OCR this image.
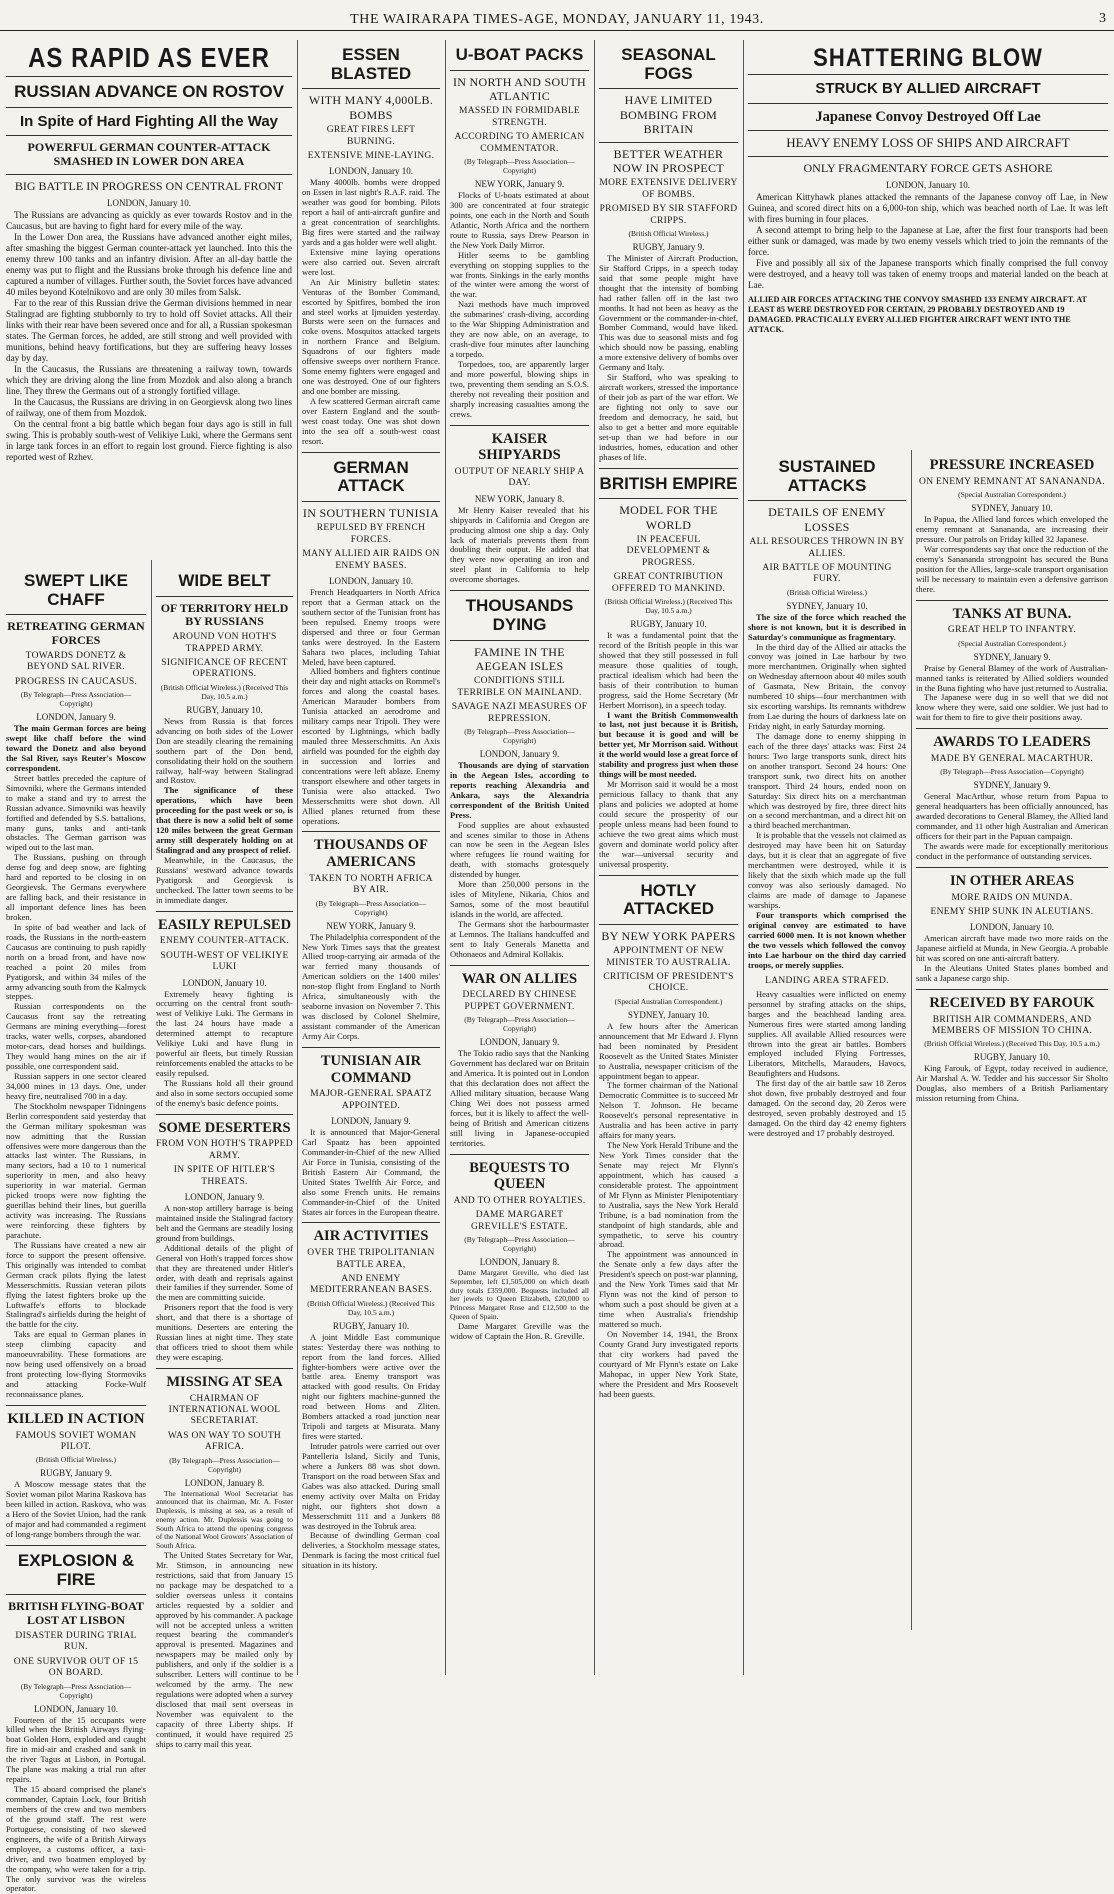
THE WAIRARAPA TIMES-AGE, MONDAY, JANUARY 11, 1943.	3
AS RAPID AS EVER
RUSSIAN ADVANCE ON ROSTOV
In Spite of Hard Fighting All the Way
POWERFUL GERMAN COUNTER-ATTACK SMASHED IN LOWER DON AREA
BIG BATTLE IN PROGRESS ON CENTRAL FRONT
LONDON, January 10.

The Russians are advancing as quickly as ever towards Rostov and in the Caucasus, but are having to fight hard for every mile of the way.

In the Lower Don area, the Russians have advanced another eight miles, after smashing the biggest German counter-attack yet launched. Into this the enemy threw 100 tanks and an infantry division. After an all-day battle the enemy was put to flight and the Russians broke through his defence line and captured a number of villages. Further south, the Soviet forces have advanced 40 miles beyond Kotelnikovo and are only 30 miles from Salsk.

Far to the rear of this Russian drive the German divisions hemmed in near Stalingrad are fighting stubbornly to try to hold off Soviet attacks. All their links with their rear have been severed once and for all, a Russian spokesman states. The German forces, he added, are still strong and well provided with munitions, behind heavy fortifications, but they are suffering heavy losses day by day.

In the Caucasus, the Russians are threatening a railway town, towards which they are driving along the line from Mozdok and also along a branch line. They threw the Germans out of a strongly fortified village.

In the Caucasus, the Russians are driving in on Georgievsk along two lines of railway, one of them from Mozdok.

On the central front a big battle which began four days ago is still in full swing. This is probably south-west of Velikiye Luki, where the Germans sent in large tank forces in an effort to regain lost ground. Fierce fighting is also reported west of Rzhev.

SWEPT LIKE CHAFF
RETREATING GERMAN FORCES
TOWARDS DONETZ & BEYOND SAL RIVER.
PROGRESS IN CAUCASUS.
(By Telegraph—Press Association—Copyright)
LONDON, January 9.

The main German forces are being swept like chaff before the wind toward the Donetz and also beyond the Sal River, says Reuter's Moscow correspondent.

Street battles preceded the capture of Simovniki, where the Germans intended to make a stand and try to arrest the Russian advance. Simovniki was heavily fortified and defended by S.S. battalions, many guns, tanks and anti-tank obstacles. The German garrison was wiped out to the last man.

The Russians, pushing on through dense fog and deep snow, are fighting hard and reported to be closing in on Georgievsk. The Germans everywhere are falling back, and their resistance in all important defence lines has been broken.

In spite of bad weather and lack of roads, the Russians in the north-eastern Caucasus are continuing to push rapidly north on a broad front, and have now reached a point 20 miles from Pyatigorsk, and within 34 miles of the army advancing south from the Kalmyck steppes.

Russian correspondents on the Caucasus front say the retreating Germans are mining everything—forest tracks, water wells, corpses, abandoned motor-cars, dead horses and buildings. They would hang mines on the air if possible, one correspondent said.

Russian sappers in one sector cleared 34,000 mines in 13 days. One, under heavy fire, neutralised 700 in a day.

The Stockholm newspaper Tidningens Berlin correspondent said yesterday that the German military spokesman was now admitting that the Russian offensives were more dangerous than the attacks last winter. The Russians, in many sectors, had a 10 to 1 numerical superiority in men, and also heavy superiority in war material. German picked troops were now fighting the guerillas behind their lines, but guerilla activity was increasing. The Russians were reinforcing these fighters by parachute.

The Russians have created a new air force to support the present offensive. This originally was intended to combat German crack pilots flying the latest Messerschmitts. Russian veteran pilots flying the latest fighters broke up the Luftwaffe's efforts to blockade Stalingrad's airfields during the height of the battle for the city.

Taks are equal to German planes in steep climbing capacity and manoeuvrability. These formations are now being used offensively on a broad front protecting low-flying Stormoviks and attacking Focke-Wulf reconnaissance planes.

KILLED IN ACTION
FAMOUS SOVIET WOMAN PILOT.
(British Official Wireless.)
RUGBY, January 9.

A Moscow message states that the Soviet woman pilot Marina Raskova has been killed in action. Raskova, who was a Hero of the Soviet Union, had the rank of major and had commanded a regiment of long-range bombers through the war.

EXPLOSION & FIRE
BRITISH FLYING-BOAT LOST AT LISBON
DISASTER DURING TRIAL RUN.
ONE SURVIVOR OUT OF 15 ON BOARD.
(By Telegraph—Press Association—Copyright)
LONDON, January 10.

Fourteen of the 15 occupants were killed when the British Airways flying-boat Golden Horn, exploded and caught fire in mid-air and crashed and sank in the river Tagus at Lisbon, in Portugal. The plane was making a trial run after repairs.

The 15 aboard comprised the plane's commander, Captain Lock, four British members of the crew and two members of the ground staff. The rest were Portuguese, consisting of two skewed engineers, the wife of a British Airways employee, a customs officer, a taxi-driver, and two boatmen employed by the company, who were taken for a trip. The only survivor was the wireless operator.

WIDE BELT
OF TERRITORY HELD BY RUSSIANS
AROUND VON HOTH'S TRAPPED ARMY.
SIGNIFICANCE OF RECENT OPERATIONS.
(British Official Wireless.) (Received This Day, 10.5 a.m.)
RUGBY, January 10.

News from Russia is that forces advancing on both sides of the Lower Don are steadily clearing the remaining southern part of the Don bend, consolidating their hold on the southern railway, half-way between Stalingrad and Rostov.

The significance of these operations, which have been proceeding for the past week or so, is that there is now a solid belt of some 120 miles between the great German army still desperately holding on at Stalingrad and any prospect of relief.

Meanwhile, in the Caucasus, the Russians' westward advance towards Pyatigorsk and Georgievsk is unchecked. The latter town seems to be in immediate danger.

EASILY REPULSED
ENEMY COUNTER-ATTACK.
SOUTH-WEST OF VELIKIYE LUKI
LONDON, January 10.

Extremely heavy fighting is occurring on the central front south-west of Velikiye Luki. The Germans in the last 24 hours have made a determined attempt to recapture Velikiye Luki and have flung in powerful air fleets, but timely Russian reinforcements enabled the attacks to be easily repulsed.

The Russians hold all their ground and also in some sectors occupied some of the enemy's basic defence points.

SOME DESERTERS
FROM VON HOTH'S TRAPPED ARMY.
IN SPITE OF HITLER'S THREATS.
LONDON, January 9.

A non-stop artillery barrage is being maintained inside the Stalingrad factory belt and the Germans are steadily losing ground from buildings.

Additional details of the plight of General von Hoth's trapped forces show that they are threatened under Hitler's order, with death and reprisals against their families if they surrender. Some of the men are committing suicide.

Prisoners report that the food is very short, and that there is a shortage of munitions. Deserters are entering the Russian lines at night time. They state that officers tried to shoot them while they were escaping.

MISSING AT SEA
CHAIRMAN OF INTERNATIONAL WOOL SECRETARIAT.
WAS ON WAY TO SOUTH AFRICA.
(By Telegraph—Press Association—Copyright)
LONDON, January 8.

The International Wool Secretariat has announced that its chairman, Mr. A. Foster Duplessis, is missing at sea, as a result of enemy action. Mr. Duplessis was going to South Africa to attend the opening congress of the National Wool Growers' Association of South Africa.

The United States Secretary for War, Mr. Stimson, in announcing new restrictions, said that from January 15 no package may be despatched to a soldier overseas unless it contains articles requested by a soldier and approved by his commander. A package will not be accepted unless a written request bearing the commander's approval is presented. Magazines and newspapers may be mailed only by publishers, and only if the soldier is a subscriber. Letters will continue to be welcomed by the army. The new regulations were adopted when a survey disclosed that mail sent overseas in November was equivalent to the capacity of three Liberty ships. If continued, it would have required 25 ships to carry mail this year.

ESSEN BLASTED
WITH MANY 4,000LB. BOMBS
GREAT FIRES LEFT BURNING.
EXTENSIVE MINE-LAYING.
LONDON, January 10.

Many 4000lb. bombs were dropped on Essen in last night's R.A.F. raid. The weather was good for bombing. Pilots report a hail of anti-aircraft gunfire and a great concentration of searchlights. Big fires were started and the railway yards and a gas holder were well alight.

Extensive mine laying operations were also carried out. Seven aircraft were lost.

An Air Ministry bulletin states: Venturas of the Bomber Command, escorted by Spitfires, bombed the iron and steel works at Ijmuiden yesterday. Bursts were seen on the furnaces and coke ovens. Mosquitos attacked targets in northern France and Belgium. Squadrons of our fighters made offensive sweeps over northern France. Some enemy fighters were engaged and one was destroyed. One of our fighters and one bomber are missing.

A few scattered German aircraft came over Eastern England and the south-west coast today. One was shot down into the sea off a south-west coast resort.

GERMAN ATTACK
IN SOUTHERN TUNISIA
REPULSED BY FRENCH FORCES.
MANY ALLIED AIR RAIDS ON ENEMY BASES.
LONDON, January 10.

French Headquarters in North Africa report that a German attack on the southern sector of the Tunisian front has been repulsed. Enemy troops were dispersed and three or four German tanks were destroyed. In the Eastern Sahara two places, including Tahiat Meled, have been captured.

Allied bombers and fighters continue their day and night attacks on Rommel's forces and along the coastal bases. American Marauder bombers from Tunisia attacked an aerodrome and military camps near Tripoli. They were escorted by Lightnings, which badly mauled three Messerschmitts. An Axis airfield was pounded for the eighth day in succession and lorries and concentrations were left ablaze. Enemy transport elsewhere and other targets in Tunisia were also attacked. Two Messerschmitts were shot down. All Allied planes returned from these operations.

THOUSANDS OF AMERICANS
TAKEN TO NORTH AFRICA BY AIR.
(By Telegraph—Press Association—Copyright)
NEW YORK, January 9.

The Philadelphia correspondent of the New York Times says that the greatest Allied troop-carrying air armada of the war ferried many thousands of American soldiers on the 1400 miles' non-stop flight from England to North Africa, simultaneously with the seaborne invasion on November 7. This was disclosed by Colonel Shelmire, assistant commander of the American Army Air Corps.

TUNISIAN AIR COMMAND
MAJOR-GENERAL SPAATZ APPOINTED.
LONDON, January 9.

It is announced that Major-General Carl Spaatz has been appointed Commander-in-Chief of the new Allied Air Force in Tunisia, consisting of the British Eastern Air Command, the United States Twelfth Air Force, and also some French units. He remains Commander-in-Chief of the United States air forces in the European theatre.

AIR ACTIVITIES
OVER THE TRIPOLITANIAN BATTLE AREA,
AND ENEMY MEDITERRANEAN BASES.
(British Official Wireless.) (Received This Day, 10.5 a.m.)
RUGBY, January 10.

A joint Middle East communique states: Yesterday there was nothing to report from the land forces. Allied fighter-bombers were active over the battle area. Enemy transport was attacked with good results. On Friday night our fighters machine-gunned the road between Homs and Zliten. Bombers attacked a road junction near Tripoli and targets at Misurata. Many fires were started.

Intruder patrols were carried out over Pantelleria Island, Sicily and Tunis, where a Junkers 88 was shot down. Transport on the road between Sfax and Gabes was also attacked. During small enemy activity over Malta on Friday night, our fighters shot down a Messerschmitt 111 and a Junkers 88 was destroyed in the Tobruk area.

Because of dwindling German coal deliveries, a Stockholm message states, Denmark is facing the most critical fuel situation in its history.

U-BOAT PACKS
IN NORTH AND SOUTH ATLANTIC
MASSED IN FORMIDABLE STRENGTH.
ACCORDING TO AMERICAN COMMENTATOR.
(By Telegraph—Press Association—Copyright)
NEW YORK, January 9.

Flocks of U-boats estimated at about 300 are concentrated at four strategic points, one each in the North and South Atlantic, North Africa and the northern route to Russia, says Drew Pearson in the New York Daily Mirror.

Hitler seems to be gambling everything on stopping supplies to the war fronts. Sinkings in the early months of the winter were among the worst of the war.

Nazi methods have much improved the submarines' crash-diving, according to the War Shipping Administration and they are now able, on an average, to crash-dive four minutes after launching a torpedo.

Torpedoes, too, are apparently larger and more powerful, blowing ships in two, preventing them sending an S.O.S. thereby not revealing their position and sharply increasing casualties among the crews.

KAISER SHIPYARDS
OUTPUT OF NEARLY SHIP A DAY.
NEW YORK, January 8.

Mr Henry Kaiser revealed that his shipyards in California and Oregon are producing almost one ship a day. Only lack of materials prevents them from doubling their output. He added that they were now operating an iron and steel plant in California to help overcome shortages.

THOUSANDS DYING
FAMINE IN THE AEGEAN ISLES
CONDITIONS STILL TERRIBLE ON MAINLAND.
SAVAGE NAZI MEASURES OF REPRESSION.
(By Telegraph—Press Association—Copyright)
LONDON, January 9.

Thousands are dying of starvation in the Aegean Isles, according to reports reaching Alexandria and Ankara, says the Alexandria correspondent of the British United Press.

Food supplies are about exhausted and scenes similar to those in Athens can now be seen in the Aegean Isles where refugees lie round waiting for death, with stomachs grotesquely distended by hunger.

More than 250,000 persons in the isles of Mitylene, Nikaria, Chios and Samos, some of the most beautiful islands in the world, are affected.

The Germans shot the harbourmaster at Lemnos. The Italians handcuffed and sent to Italy Generals Manetta and Othonaeos and Admiral Kollakis.

WAR ON ALLIES
DECLARED BY CHINESE PUPPET GOVERNMENT.
(By Telegraph—Press Association—Copyright)
LONDON, January 9.

The Tokio radio says that the Nanking Government has declared war on Britain and America. It is pointed out in London that this declaration does not affect the Allied military situation, because Wang Ching Wei does not possess armed forces, but it is likely to affect the well-being of British and American citizens still living in Japanese-occupied territories.

BEQUESTS TO QUEEN
AND TO OTHER ROYALTIES.
DAME MARGARET GREVILLE'S ESTATE.
(By Telegraph—Press Association—Copyright)
LONDON, January 8.

Dame Margaret Greville, who died last September, left £1,505,000 on which death duty totals £359,000. Bequests included all her jewels to Queen Elizabeth, £20,000 to Princess Margaret Rose and £12,500 to the Queen of Spain.

Dame Margaret Greville was the widow of Captain the Hon. R. Greville.

SEASONAL FOGS
HAVE LIMITED BOMBING FROM BRITAIN
BETTER WEATHER NOW IN PROSPECT
MORE EXTENSIVE DELIVERY OF BOMBS.
PROMISED BY SIR STAFFORD CRIPPS.
(British Official Wireless.)
RUGBY, January 9.

The Minister of Aircraft Production, Sir Stafford Cripps, in a speech today said that some people might have thought that the intensity of bombing had rather fallen off in the last two months. It had not been as heavy as the Government or the commander-in-chief, Bomber Command, would have liked. This was due to seasonal mists and fog which should now be passing, enabling a more extensive delivery of bombs over Germany and Italy.

Sir Stafford, who was speaking to aircraft workers, stressed the importance of their job as part of the war effort. We are fighting not only to save our freedom and democracy, he said, but also to get a better and more equitable set-up than we had before in our industries, homes, education and other phases of life.

BRITISH EMPIRE
MODEL FOR THE WORLD
IN PEACEFUL DEVELOPMENT & PROGRESS.
GREAT CONTRIBUTION OFFERED TO MANKIND.
(British Official Wireless.) (Received This Day, 10.5 a.m.)
RUGBY, January 10.

It was a fundamental point that the record of the British people in this war showed that they still possessed in full measure those qualities of tough, practical idealism which had been the basis of their contribution to human progress, said the Home Secretary (Mr Herbert Morrison), in a speech today.

I want the British Commonwealth to last, not just because it is British, but because it is good and will be better yet, Mr Morrison said. Without it the world would lose a great force of stability and progress just when those things will be most needed.

Mr Morrison said it would be a most pernicious fallacy to thank that any plans and policies we adopted at home could secure the prosperity of our people unless means had been found to achieve the two great aims which must govern and dominate world policy after the war—universal security and universal prosperity.

HOTLY ATTACKED
BY NEW YORK PAPERS
APPOINTMENT OF NEW MINISTER TO AUSTRALIA.
CRITICISM OF PRESIDENT'S CHOICE.
(Special Australian Correspondent.)
SYDNEY, January 10.

A few hours after the American announcement that Mr Edward J. Flynn had been nominated by President Roosevelt as the United States Minister to Australia, newspaper criticism of the appointment began to appear.

The former chairman of the National Democratic Committee is to succeed Mr Nelson T. Johnson. He became Roosevelt's personal representative in Australia and has been active in party affairs for many years.

The New York Herald Tribune and the New York Times consider that the Senate may reject Mr Flynn's appointment, which has caused a considerable protest. The appointment of Mr Flynn as Minister Plenipotentiary to Australia, says the New York Herald Tribune, is a bad nomination from the standpoint of high standards, able and sympathetic, to serve his country abroad.

The appointment was announced in the Senate only a few days after the President's speech on post-war planning, and the New York Times said that Mr Flynn was not the kind of person to whom such a post should be given at a time when Australia's friendship mattered so much.

On November 14, 1941, the Bronx County Grand Jury investigated reports that city workers had paved the courtyard of Mr Flynn's estate on Lake Mahopac, in upper New York State, where the President and Mrs Roosevelt had been guests.

SHATTERING BLOW
STRUCK BY ALLIED AIRCRAFT
Japanese Convoy Destroyed Off Lae
HEAVY ENEMY LOSS OF SHIPS AND AIRCRAFT
ONLY FRAGMENTARY FORCE GETS ASHORE
LONDON, January 10.

American Kittyhawk planes attacked the remnants of the Japanese convoy off Lae, in New Guinea, and scored direct hits on a 6,000-ton ship, which was beached north of Lae. It was left with fires burning in four places.

A second attempt to bring help to the Japanese at Lae, after the first four transports had been either sunk or damaged, was made by two enemy vessels which tried to join the remnants of the force.

Five and possibly all six of the Japanese transports which finally comprised the full convoy were destroyed, and a heavy toll was taken of enemy troops and material landed on the beach at Lae.

ALLIED AIR FORCES ATTACKING THE CONVOY SMASHED 133 ENEMY AIRCRAFT. AT LEAST 85 WERE DESTROYED FOR CERTAIN, 29 PROBABLY DESTROYED AND 19 DAMAGED. PRACTICALLY EVERY ALLIED FIGHTER AIRCRAFT WENT INTO THE ATTACK.

SUSTAINED ATTACKS
DETAILS OF ENEMY LOSSES
ALL RESOURCES THROWN IN BY ALLIES.
AIR BATTLE OF MOUNTING FURY.
(British Official Wireless.)
SYDNEY, January 10.

The size of the force which reached the shore is not known, but it is described in Saturday's communique as fragmentary.

In the third day of the Allied air attacks the convoy was joined in Lae harbour by two more merchantmen. Originally when sighted on Wednesday afternoon about 40 miles south of Gasmata, New Britain, the convoy numbered 10 ships—four merchantmen with six escorting warships. Its remnants withdrew from Lae during the hours of darkness late on Friday night, in early Saturday morning.

The damage done to enemy shipping in each of the three days' attacks was: First 24 hours: Two large transports sunk, direct hits on another transport. Second 24 hours: One transport sunk, two direct hits on another transport. Third 24 hours, ended noon on Saturday: Six direct hits on a merchantman which was destroyed by fire, three direct hits on a second merchantman, and a direct hit on a third beached merchantman.

It is probable that the vessels not claimed as destroyed may have been hit on Saturday days, but it is clear that an aggregate of five merchantmen were destroyed, while it is likely that the sixth which made up the full convoy was also seriously damaged. No claims are made of damage to Japanese warships.

Four transports which comprised the original convoy are estimated to have carried 6000 men. It is not known whether the two vessels which followed the convoy into Lae harbour on the third day carried troops, or merely supplies.

LANDING AREA STRAFED.

Heavy casualties were inflicted on enemy personnel by strafing attacks on the ships, barges and the beachhead landing area. Numerous fires were started among landing supplies. All available Allied resources were thrown into the great air battles. Bombers employed included Flying Fortresses, Liberators, Mitchells, Marauders, Havocs, Beaufighters and Hudsons.

The first day of the air battle saw 18 Zeros shot down, five probably destroyed and four damaged. On the second day, 20 Zeros were destroyed, seven probably destroyed and 15 damaged. On the third day 42 enemy fighters were destroyed and 17 probably destroyed.

PRESSURE INCREASED
ON ENEMY REMNANT AT SANANANDA.
(Special Australian Correspondent.)
SYDNEY, January 10.

In Papua, the Allied land forces which enveloped the enemy remnant at Sanananda, are increasing their pressure. Our patrols on Friday killed 32 Japanese.

War correspondents say that once the reduction of the enemy's Sanananda strongpoint has secured the Buna position for the Allies, large-scale transport organisation will be necessary to maintain even a defensive garrison there.

TANKS AT BUNA.
GREAT HELP TO INFANTRY.
(Special Australian Correspondent.)
SYDNEY, January 9.

Praise by General Blamey of the work of Australian-manned tanks is reiterated by Allied soldiers wounded in the Buna fighting who have just returned to Australia.

The Japanese were dug in so well that we did not know where they were, said one soldier. We just had to wait for them to fire to give their positions away.

AWARDS TO LEADERS
MADE BY GENERAL MACARTHUR.
(By Telegraph—Press Association—Copyright)
SYDNEY, January 9.

General MacArthur, whose return from Papua to general headquarters has been officially announced, has awarded decorations to General Blamey, the Allied land commander, and 11 other high Australian and American officers for their part in the Papuan campaign.

The awards were made for exceptionally meritorious conduct in the performance of outstanding services.

IN OTHER AREAS
MORE RAIDS ON MUNDA.
ENEMY SHIP SUNK IN ALEUTIANS.
LONDON, January 10.

American aircraft have made two more raids on the Japanese airfield at Munda, in New Georgia. A probable hit was scored on one anti-aircraft battery.

In the Aleutians United States planes bombed and sank a Japanese cargo ship.

RECEIVED BY FAROUK
BRITISH AIR COMMANDERS, AND MEMBERS OF MISSION TO CHINA.
(British Official Wireless.) (Received This Day, 10.5 a.m.)
RUGBY, January 10.

King Farouk, of Egypt, today received in audience, Air Marshal A. W. Tedder and his successor Sir Sholto Douglas, also members of a British Parliamentary mission returning from China.
